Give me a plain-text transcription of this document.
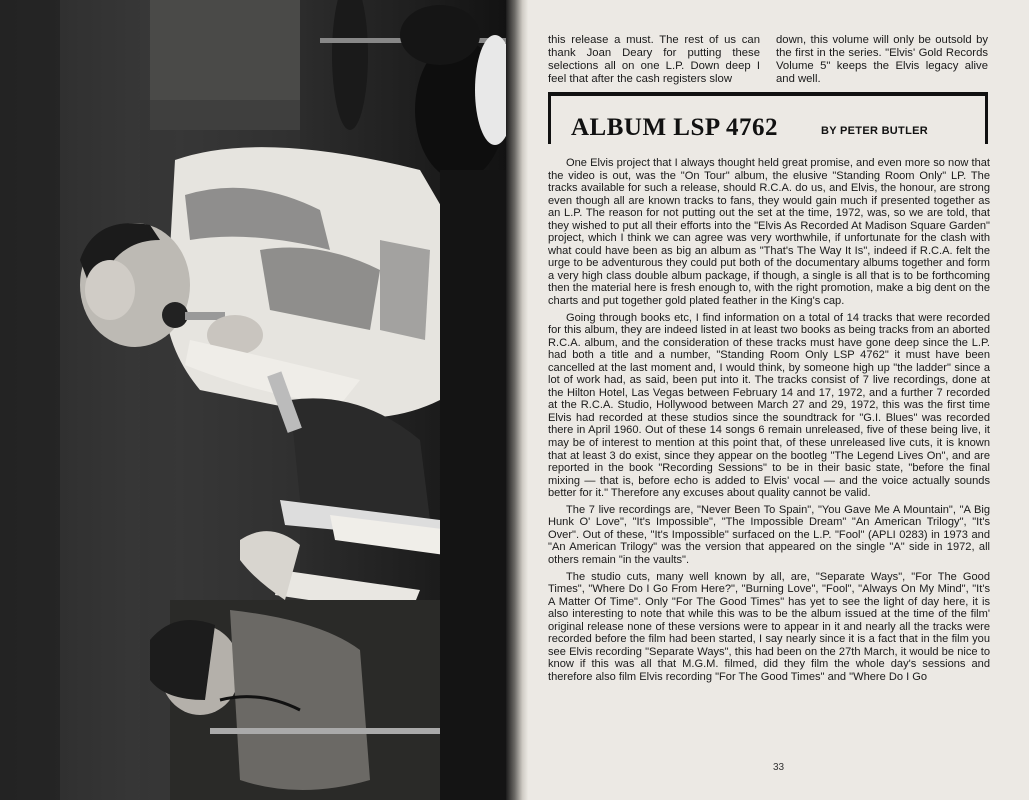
this release a must. The rest of us can thank Joan Deary for putting these selections all on one L.P. Down deep I feel that after the cash registers slow

down, this volume will only be outsold by the first in the series. "Elvis' Gold Records Volume 5" keeps the Elvis legacy alive and well.

ALBUM LSP 4762	BY PETER BUTLER

One Elvis project that I always thought held great promise, and even more so now that the video is out, was the "On Tour" album, the elusive "Standing Room Only" LP. The tracks available for such a release, should R.C.A. do us, and Elvis, the honour, are strong even though all are known tracks to fans, they would gain much if presented together as an L.P. The reason for not putting out the set at the time, 1972, was, so we are told, that they wished to put all their efforts into the "Elvis As Recorded At Madison Square Garden" project, which I think we can agree was very worthwhile, if unfortunate for the clash with what could have been as big an album as "That's The Way It Is", indeed if R.C.A. felt the urge to be adventurous they could put both of the documentary albums together and form a very high class double album package, if though, a single is all that is to be forthcoming then the material here is fresh enough to, with the right promotion, make a big dent on the charts and put together gold plated feather in the King's cap.

Going through books etc, I find information on a total of 14 tracks that were recorded for this album, they are indeed listed in at least two books as being tracks from an aborted R.C.A. album, and the consideration of these tracks must have gone deep since the L.P. had both a title and a number, "Standing Room Only LSP 4762" it must have been cancelled at the last moment and, I would think, by someone high up "the ladder" since a lot of work had, as said, been put into it. The tracks consist of 7 live recordings, done at the Hilton Hotel, Las Vegas between February 14 and 17, 1972, and a further 7 recorded at the R.C.A. Studio, Hollywood between March 27 and 29, 1972, this was the first time Elvis had recorded at these studios since the soundtrack for "G.I. Blues" was recorded there in April 1960. Out of these 14 songs 6 remain unreleased, five of these being live, it may be of interest to mention at this point that, of these unreleased live cuts, it is known that at least 3 do exist, since they appear on the bootleg "The Legend Lives On", and are reported in the book "Recording Sessions" to be in their basic state, "before the final mixing — that is, before echo is added to Elvis' vocal — and the voice actually sounds better for it." Therefore any excuses about quality cannot be valid.

The 7 live recordings are, "Never Been To Spain", "You Gave Me A Mountain", "A Big Hunk O' Love", "It's Impossible", "The Impossible Dream" "An American Trilogy", "It's Over". Out of these, "It's Impossible" surfaced on the L.P. "Fool" (APLI 0283) in 1973 and "An American Trilogy" was the version that appeared on the single "A" side in 1972, all others remain "in the vaults".

The studio cuts, many well known by all, are, "Separate Ways", "For The Good Times", "Where Do I Go From Here?", "Burning Love", "Fool", "Always On My Mind", "It's A Matter Of Time". Only "For The Good Times" has yet to see the light of day here, it is also interesting to note that while this was to be the album issued at the time of the film' original release none of these versions were to appear in it and nearly all the tracks were recorded before the film had been started, I say nearly since it is a fact that in the film you see Elvis recording "Separate Ways", this had been on the 27th March, it would be nice to know if this was all that M.G.M. filmed, did they film the whole day's sessions and therefore also film Elvis recording "For The Good Times" and "Where Do I Go

33
